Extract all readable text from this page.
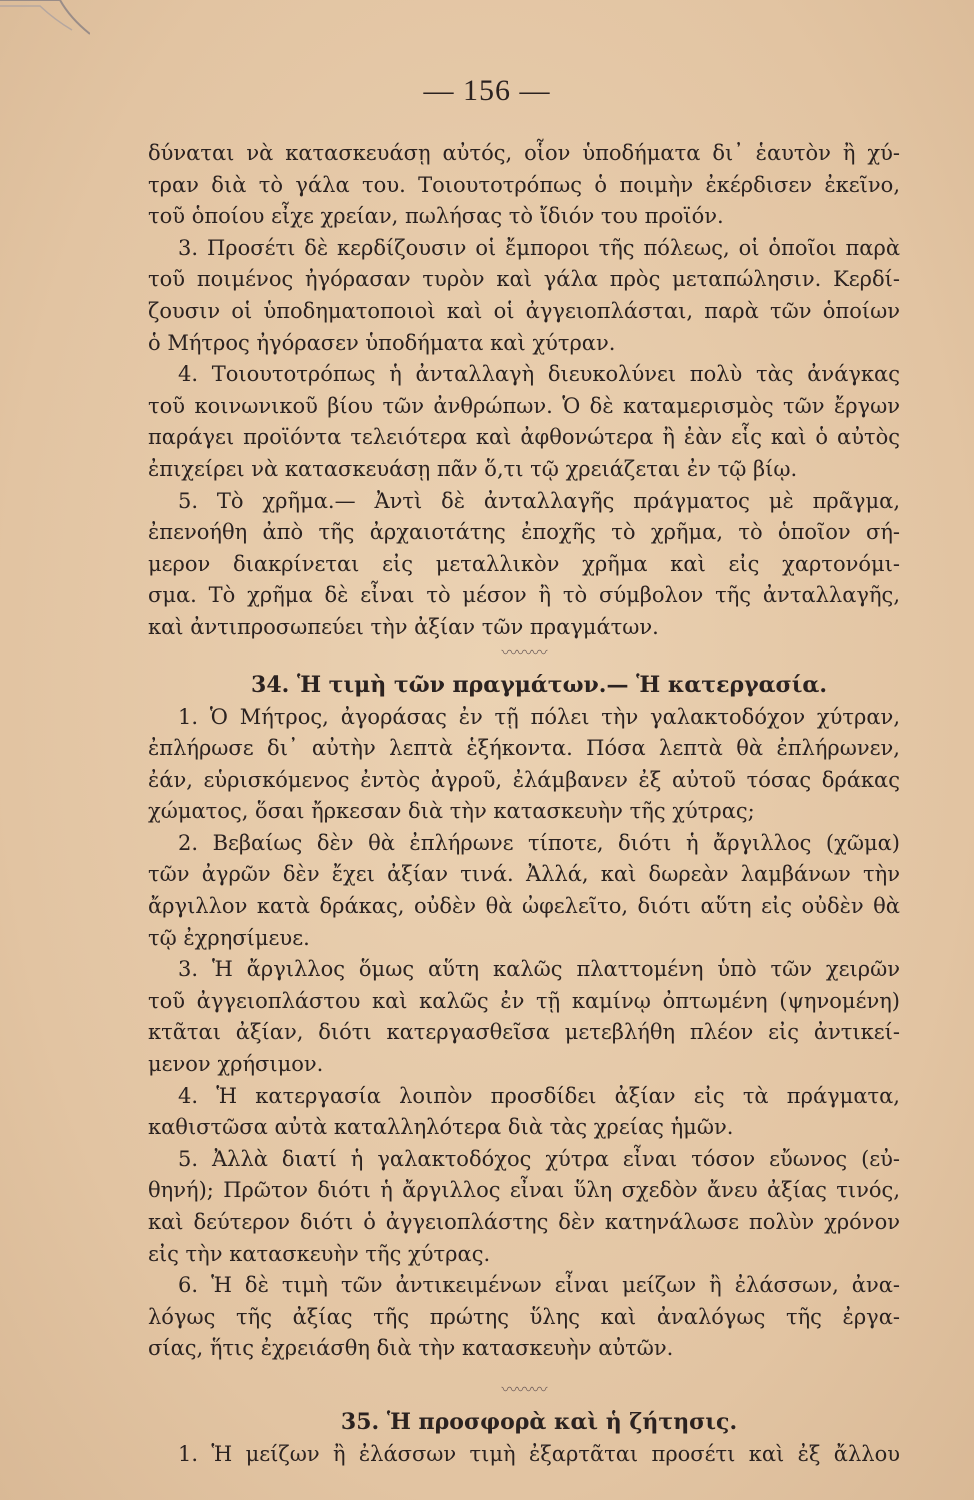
— 156 —
δύναται νὰ κατασκευάσῃ αὐτός, οἷον ὑποδήματα δι᾽ ἑαυτὸν ἢ χύ-
τραν διὰ τὸ γάλα του. Τοιουτοτρόπως ὁ ποιμὴν ἐκέρδισεν ἐκεῖνο,
τοῦ ὁποίου εἶχε χρείαν, πωλήσας τὸ ἴδιόν του προϊόν.
3. Προσέτι δὲ κερδίζουσιν οἱ ἔμποροι τῆς πόλεως, οἱ ὁποῖοι παρὰ
τοῦ ποιμένος ἠγόρασαν τυρὸν καὶ γάλα πρὸς μεταπώλησιν. Κερδί-
ζουσιν οἱ ὑποδηματοποιοὶ καὶ οἱ ἀγγειοπλάσται, παρὰ τῶν ὁποίων
ὁ Μήτρος ἠγόρασεν ὑποδήματα καὶ χύτραν.
4. Τοιουτοτρόπως ἡ ἀνταλλαγὴ διευκολύνει πολὺ τὰς ἀνάγκας
τοῦ κοινωνικοῦ βίου τῶν ἀνθρώπων. Ὁ δὲ καταμερισμὸς τῶν ἔργων
παράγει προϊόντα τελειότερα καὶ ἀφθονώτερα ἢ ἐὰν εἷς καὶ ὁ αὐτὸς
ἐπιχείρει νὰ κατασκευάσῃ πᾶν ὅ,τι τῷ χρειάζεται ἐν τῷ βίῳ.
5. Τὸ χρῆμα.— Ἀντὶ δὲ ἀνταλλαγῆς πράγματος μὲ πρᾶγμα,
ἐπενοήθη ἀπὸ τῆς ἀρχαιοτάτης ἐποχῆς τὸ χρῆμα, τὸ ὁποῖον σή-
μερον διακρίνεται εἰς μεταλλικὸν χρῆμα καὶ εἰς χαρτονόμι-
σμα. Τὸ χρῆμα δὲ εἶναι τὸ μέσον ἢ τὸ σύμβολον τῆς ἀνταλλαγῆς,
καὶ ἀντιπροσωπεύει τὴν ἀξίαν τῶν πραγμάτων.
〰〰〰
34. Ἡ τιμὴ τῶν πραγμάτων.— Ἡ κατεργασία.
1. Ὁ Μήτρος, ἀγοράσας ἐν τῇ πόλει τὴν γαλακτοδόχον χύτραν,
ἐπλήρωσε δι᾽ αὐτὴν λεπτὰ ἑξήκοντα. Πόσα λεπτὰ θὰ ἐπλήρωνεν,
ἐάν, εὑρισκόμενος ἐντὸς ἀγροῦ, ἐλάμβανεν ἐξ αὐτοῦ τόσας δράκας
χώματος, ὅσαι ἤρκεσαν διὰ τὴν κατασκευὴν τῆς χύτρας;
2. Βεβαίως δὲν θὰ ἐπλήρωνε τίποτε, διότι ἡ ἄργιλλος (χῶμα)
τῶν ἀγρῶν δὲν ἔχει ἀξίαν τινά. Ἀλλά, καὶ δωρεὰν λαμβάνων τὴν
ἄργιλλον κατὰ δράκας, οὐδὲν θὰ ὠφελεῖτο, διότι αὕτη εἰς οὐδὲν θὰ
τῷ ἐχρησίμευε.
3. Ἡ ἄργιλλος ὅμως αὕτη καλῶς πλαττομένη ὑπὸ τῶν χειρῶν
τοῦ ἀγγειοπλάστου καὶ καλῶς ἐν τῇ καμίνῳ ὀπτωμένη (ψηνομένη)
κτᾶται ἀξίαν, διότι κατεργασθεῖσα μετεβλήθη πλέον εἰς ἀντικεί-
μενον χρήσιμον.
4. Ἡ κατεργασία λοιπὸν προσδίδει ἀξίαν εἰς τὰ πράγματα,
καθιστῶσα αὐτὰ καταλληλότερα διὰ τὰς χρείας ἡμῶν.
5. Ἀλλὰ διατί ἡ γαλακτοδόχος χύτρα εἶναι τόσον εὔωνος (εὐ-
θηνή); Πρῶτον διότι ἡ ἄργιλλος εἶναι ὕλη σχεδὸν ἄνευ ἀξίας τινός,
καὶ δεύτερον διότι ὁ ἀγγειοπλάστης δὲν κατηνάλωσε πολὺν χρόνον
εἰς τὴν κατασκευὴν τῆς χύτρας.
6. Ἡ δὲ τιμὴ τῶν ἀντικειμένων εἶναι μείζων ἢ ἐλάσσων, ἀνα-
λόγως τῆς ἀξίας τῆς πρώτης ὕλης καὶ ἀναλόγως τῆς ἐργα-
σίας, ἥτις ἐχρειάσθη διὰ τὴν κατασκευὴν αὐτῶν.
〰〰〰
35. Ἡ προσφορὰ καὶ ἡ ζήτησις.
1. Ἡ μείζων ἢ ἐλάσσων τιμὴ ἐξαρτᾶται προσέτι καὶ ἐξ ἄλλου
